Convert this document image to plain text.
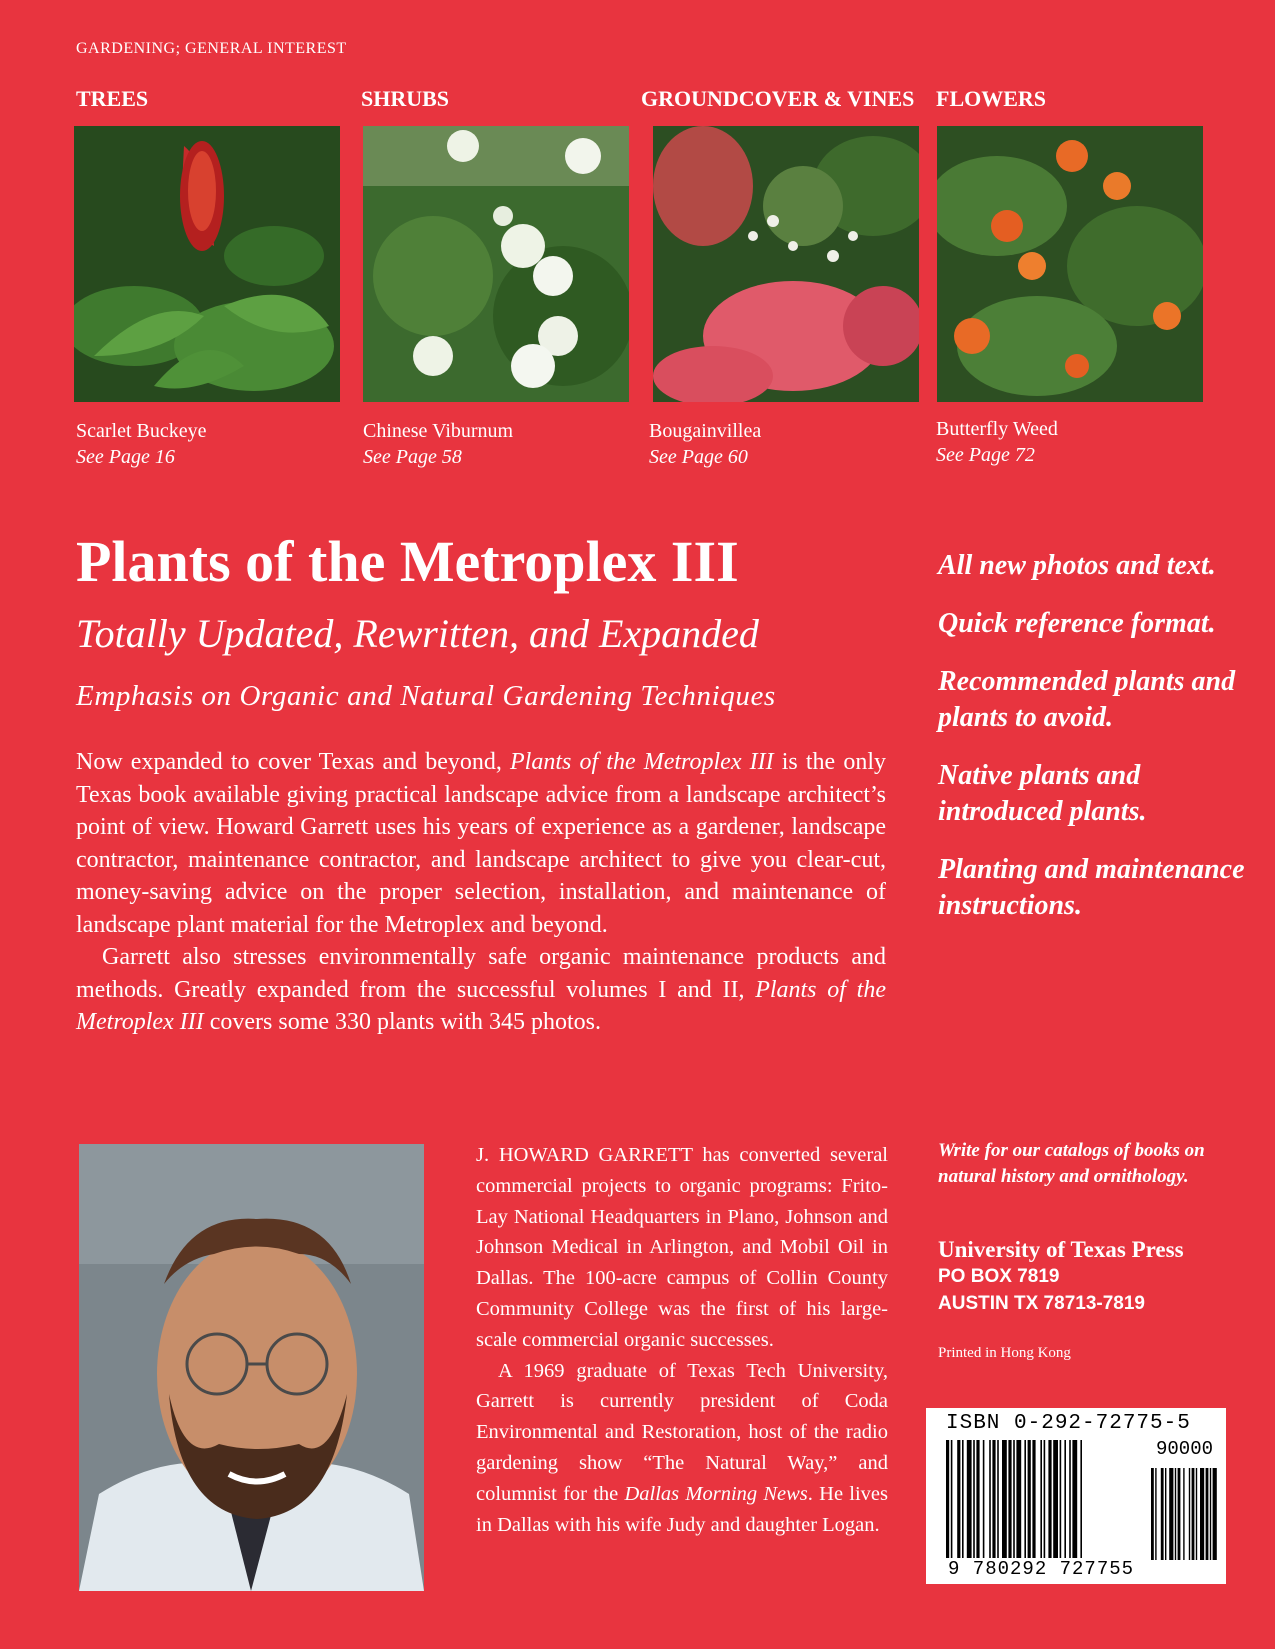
GARDENING; GENERAL INTEREST
TREES	SHRUBS	GROUNDCOVER & VINES FLOWERS
Scarlet Buckeye
See Page 16
Chinese Viburnum
See Page 58
Bougainvillea
See Page 60
Butterfly Weed
See Page 72
Plants of the Metroplex III
Totally Updated, Rewritten, and Expanded
Emphasis on Organic and Natural Gardening Techniques

Now expanded to cover Texas and beyond, Plants of the Metroplex III is the only Texas book available giving practical landscape advice from a landscape architect’s point of view. Howard Garrett uses his years of experience as a gardener, landscape contractor, maintenance contractor, and landscape architect to give you clear-cut, money-saving advice on the proper selection, installation, and maintenance of landscape plant material for the Metroplex and beyond.

Garrett also stresses environmentally safe organic maintenance products and methods. Greatly expanded from the successful volumes I and II, Plants of the Metroplex III covers some 330 plants with 345 photos.

All new photos and text.
Quick reference format.
Recommended plants and plants to avoid.
Native plants and introduced plants.
Planting and maintenance instructions.

J. HOWARD GARRETT has converted several commercial projects to organic programs: Frito-Lay National Headquarters in Plano, Johnson and Johnson Medical in Arlington, and Mobil Oil in Dallas. The 100-acre campus of Collin County Community College was the first of his large-scale commercial organic successes.

A 1969 graduate of Texas Tech University, Garrett is currently president of Coda Environmental and Restoration, host of the radio gardening show “The Natural Way,” and columnist for the Dallas Morning News. He lives in Dallas with his wife Judy and daughter Logan.

Write for our catalogs of books on natural history and ornithology.
University of Texas Press
PO BOX 7819
AUSTIN TX 78713-7819
Printed in Hong Kong
ISBN 0-292-72775-5
90000
9 780292 727755
